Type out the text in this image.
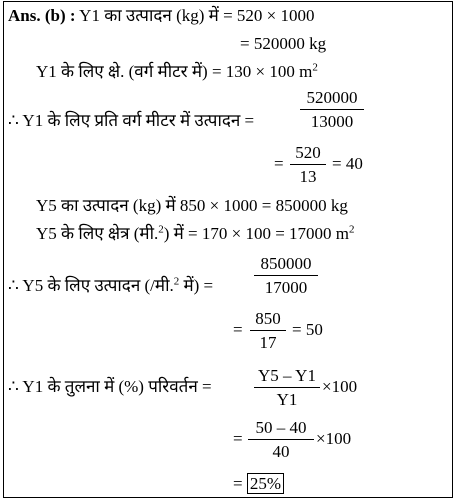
Ans. (b) : Y1 का उत्पादन (kg) में = 520 × 1000
= 520000 kg
Y1 के लिए क्षे. (वर्ग मीटर में) = 130 × 100 $m^2$
∴ Y1 के लिए प्रति वर्ग मीटर में उत्पादन =	$\frac{520000}{13000}$
= $\frac{520}{13} = 40$
Y5 का उत्पादन (kg) में 850 × 1000 = 850000 kg
Y5 के लिए क्षेत्र (मी.$^2$) में = 170 × 100 = 17000 $m^2$
∴ Y5 के लिए उत्पादन (/मी.$^2$ में) = $\frac{850000}{17000}$
= $\frac{850}{17} = 50$
∴ Y1 के तुलना में (%) परिवर्तन = $\frac{Y5 - Y1}{Y1} \times 100$
= $\frac{50 - 40}{40} \times 100$
= 25%
